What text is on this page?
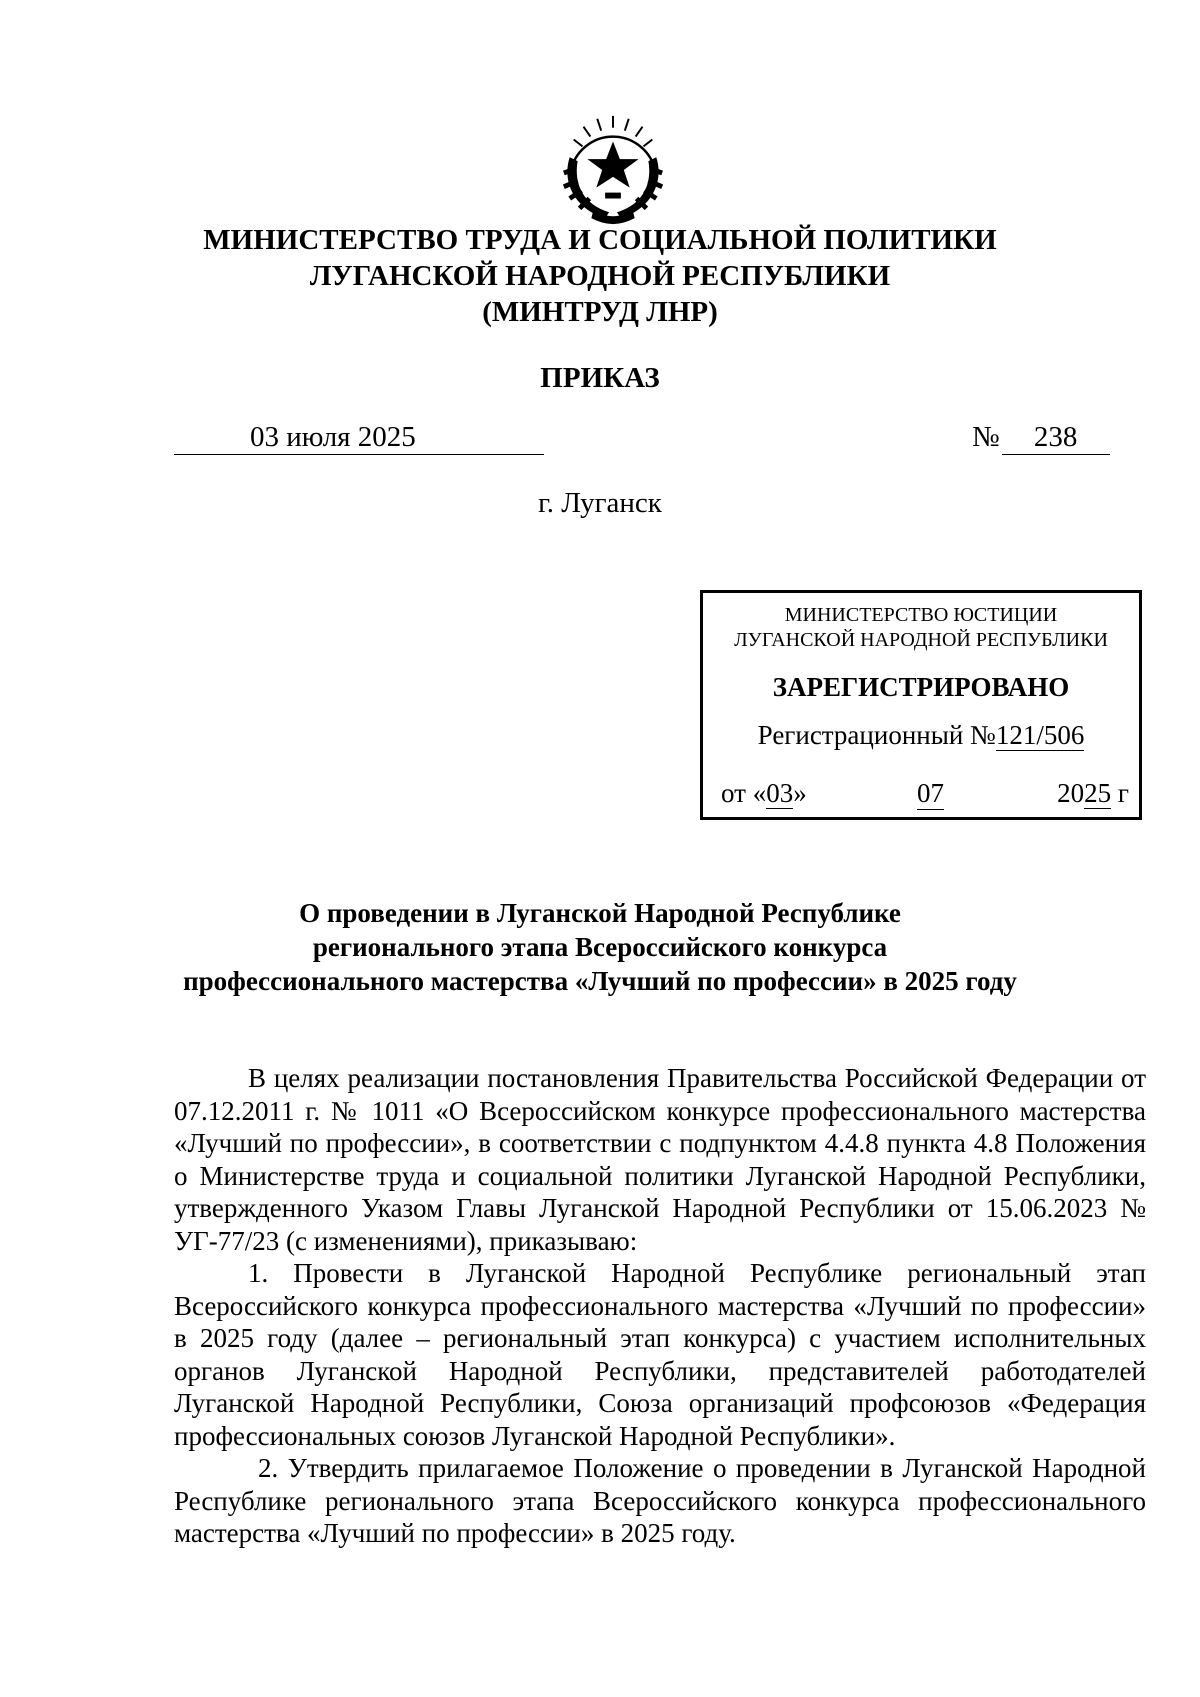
МИНИСТЕРСТВО ТРУДА И СОЦИАЛЬНОЙ ПОЛИТИКИ
ЛУГАНСКОЙ НАРОДНОЙ РЕСПУБЛИКИ
(МИНТРУД ЛНР)
ПРИКАЗ
03 июля 2025	№ 238
г. Луганск
МИНИСТЕРСТВО ЮСТИЦИИ
ЛУГАНСКОЙ НАРОДНОЙ РЕСПУБЛИКИ
ЗАРЕГИСТРИРОВАНО
Регистрационный №121/506
от «03»	07	2025 г
О проведении в Луганской Народной Республике
регионального этапа Всероссийского конкурса
профессионального мастерства «Лучший по профессии» в 2025 году

В целях реализации постановления Правительства Российской Федерации от 07.12.2011 г. № 1011 «О Всероссийском конкурсе профессионального мастерства «Лучший по профессии», в соответствии с подпунктом 4.4.8 пункта 4.8 Положения о Министерстве труда и социальной политики Луганской Народной Республики, утвержденного Указом Главы Луганской Народной Республики от 15.06.2023 № УГ-77/23 (с изменениями), приказываю:

1. Провести в Луганской Народной Республике региональный этап Всероссийского конкурса профессионального мастерства «Лучший по профессии» в 2025 году (далее – региональный этап конкурса) с участием исполнительных органов Луганской Народной Республики, представителей работодателей Луганской Народной Республики, Союза организаций профсоюзов «Федерация профессиональных союзов Луганской Народной Республики».

2. Утвердить прилагаемое Положение о проведении в Луганской Народной Республике регионального этапа Всероссийского конкурса профессионального мастерства «Лучший по профессии» в 2025 году.
